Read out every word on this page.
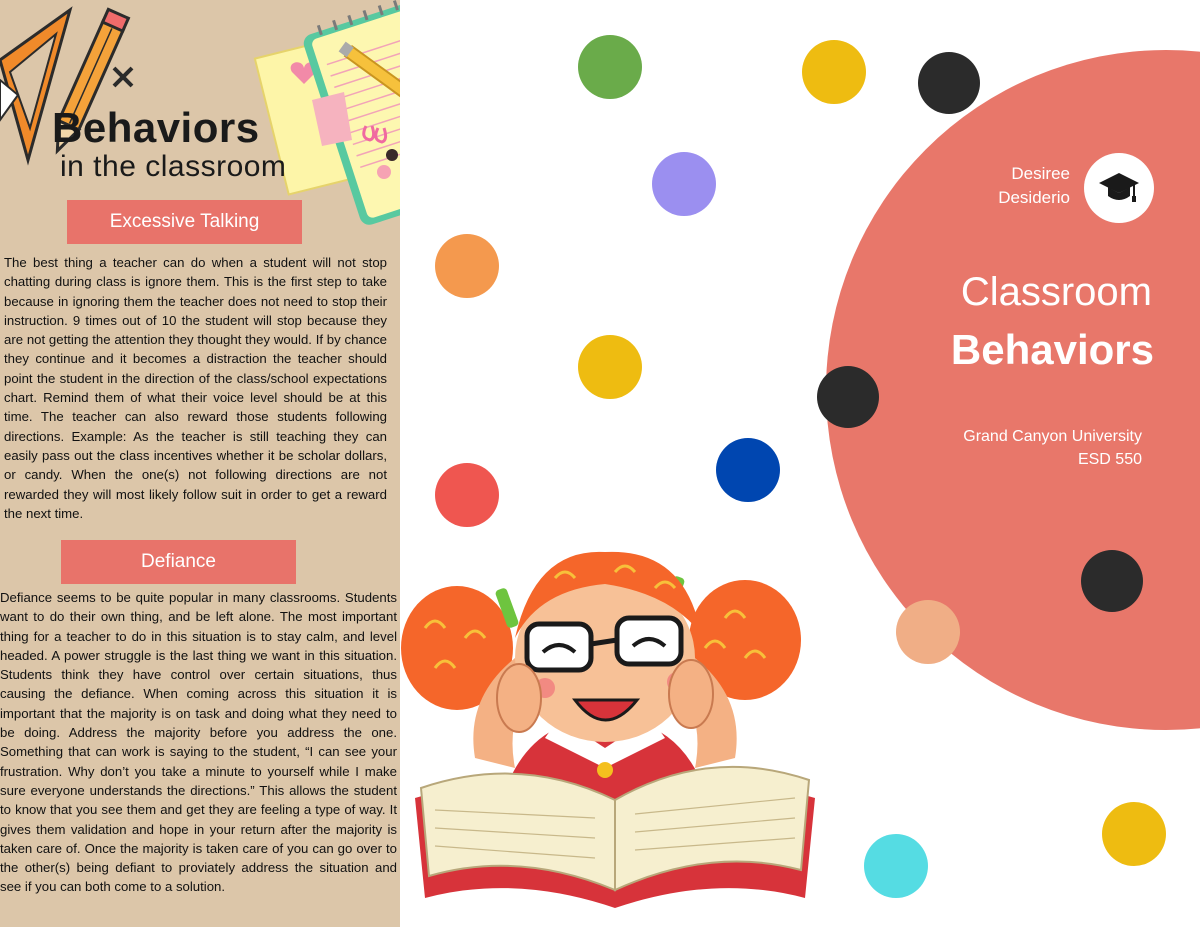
Behaviors
in the classroom
Excessive Talking

The best thing a teacher can do when a student will not stop chatting during class is ignore them. This is the first step to take because in ignoring them the teacher does not need to stop their instruction. 9 times out of 10 the student will stop because they are not getting the attention they thought they would. If by chance they continue and it becomes a distraction the teacher should point the student in the direction of the class/school expectations chart. Remind them of what their voice level should be at this time. The teacher can also reward those students following directions. Example: As the teacher is still teaching they can easily pass out the class incentives whether it be scholar dollars, or candy. When the one(s) not following directions are not rewarded they will most likely follow suit in order to get a reward the next time.

Defiance

Defiance seems to be quite popular in many classrooms. Students want to do their own thing, and be left alone. The most important thing for a teacher to do in this situation is to stay calm, and level headed. A power struggle is the last thing we want in this situation. Students think they have control over certain situations, thus causing the defiance. When coming across this situation it is important that the majority is on task and doing what they need to be doing. Address the majority before you address the one. Something that can work is saying to the student, “I can see your frustration. Why don’t you take a minute to yourself while I make sure everyone understands the directions.” This allows the student to know that you see them and get they are feeling a type of way. It gives them validation and hope in your return after the majority is taken care of. Once the majority is taken care of you can go over to the other(s) being defiant to proviately address the situation and see if you can both come to a solution.

Desiree Desiderio
Classroom
Behaviors
Grand Canyon University
ESD 550
